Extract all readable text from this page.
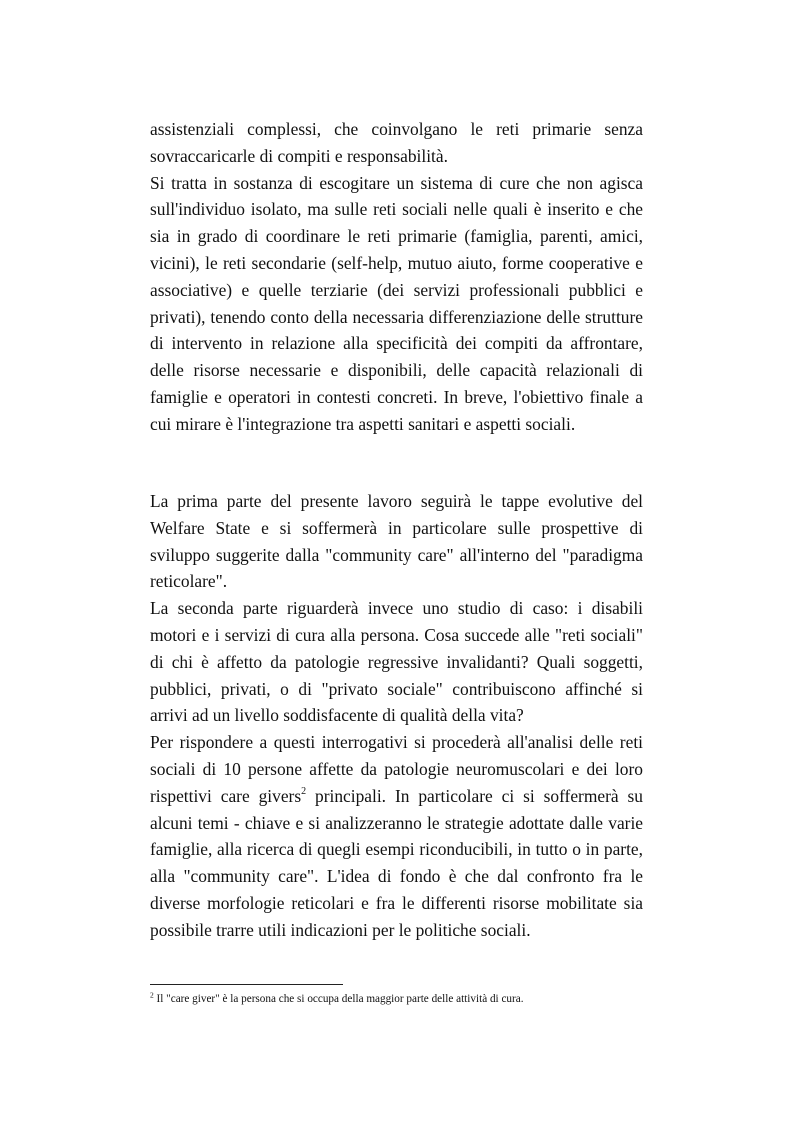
assistenziali complessi, che coinvolgano le reti primarie senza sovraccaricarle di compiti e responsabilità.

Si tratta in sostanza di escogitare un sistema di cure che non agisca sull'individuo isolato, ma sulle reti sociali nelle quali è inserito e che sia in grado di coordinare le reti primarie (famiglia, parenti, amici, vicini), le reti secondarie (self-help, mutuo aiuto, forme cooperative e associative) e quelle terziarie (dei servizi professionali pubblici e privati), tenendo conto della necessaria differenziazione delle strutture di intervento in relazione alla specificità dei compiti da affrontare, delle risorse necessarie e disponibili, delle capacità relazionali di famiglie e operatori in contesti concreti. In breve, l'obiettivo finale a cui mirare è l'integrazione tra aspetti sanitari e aspetti sociali.

La prima parte del presente lavoro seguirà le tappe evolutive del Welfare State e si soffermerà in particolare sulle prospettive di sviluppo suggerite dalla "community care" all'interno del "paradigma reticolare".

La seconda parte riguarderà invece uno studio di caso: i disabili motori e i servizi di cura alla persona. Cosa succede alle "reti sociali" di chi è affetto da patologie regressive invalidanti? Quali soggetti, pubblici, privati, o di "privato sociale" contribuiscono affinché si arrivi ad un livello soddisfacente di qualità della vita?

Per rispondere a questi interrogativi si procederà all'analisi delle reti sociali di 10 persone affette da patologie neuromuscolari e dei loro rispettivi care givers$^2$ principali. In particolare ci si soffermerà su alcuni temi - chiave e si analizzeranno le strategie adottate dalle varie famiglie, alla ricerca di quegli esempi riconducibili, in tutto o in parte, alla "community care". L'idea di fondo è che dal confronto fra le diverse morfologie reticolari e fra le differenti risorse mobilitate sia possibile trarre utili indicazioni per le politiche sociali.

$^2$ Il "care giver" è la persona che si occupa della maggior parte delle attività di cura.
